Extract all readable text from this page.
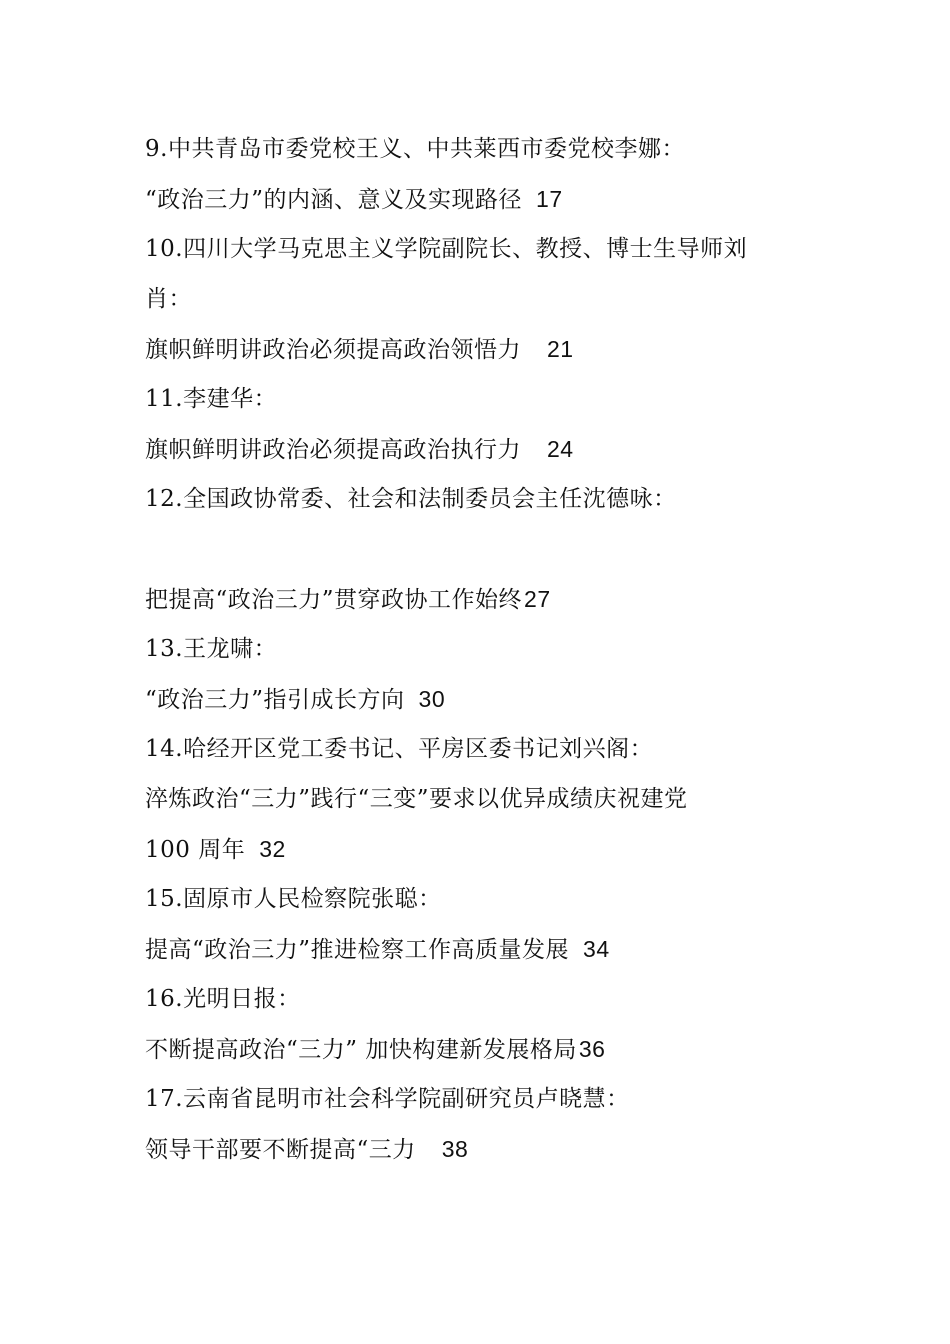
9.中共青岛市委党校王义、中共莱西市委党校李娜：
“政治三力”的内涵、意义及实现路径 17
10.四川大学马克思主义学院副院长、教授、博士生导师刘
肖：
旗帜鲜明讲政治必须提高政治领悟力 21
11.李建华：
旗帜鲜明讲政治必须提高政治执行力 24
12.全国政协常委、社会和法制委员会主任沈德咏：
把提高“政治三力”贯穿政协工作始终27
13.王龙啸：
“政治三力”指引成长方向 30
14.哈经开区党工委书记、平房区委书记刘兴阁：
淬炼政治“三力”践行“三变”要求以优异成绩庆祝建党
100 周年 32
15.固原市人民检察院张聪：
提高“政治三力”推进检察工作高质量发展 34
16.光明日报：
不断提高政治“三力” 加快构建新发展格局36
17.云南省昆明市社会科学院副研究员卢晓慧：
领导干部要不断提高“三力 38
